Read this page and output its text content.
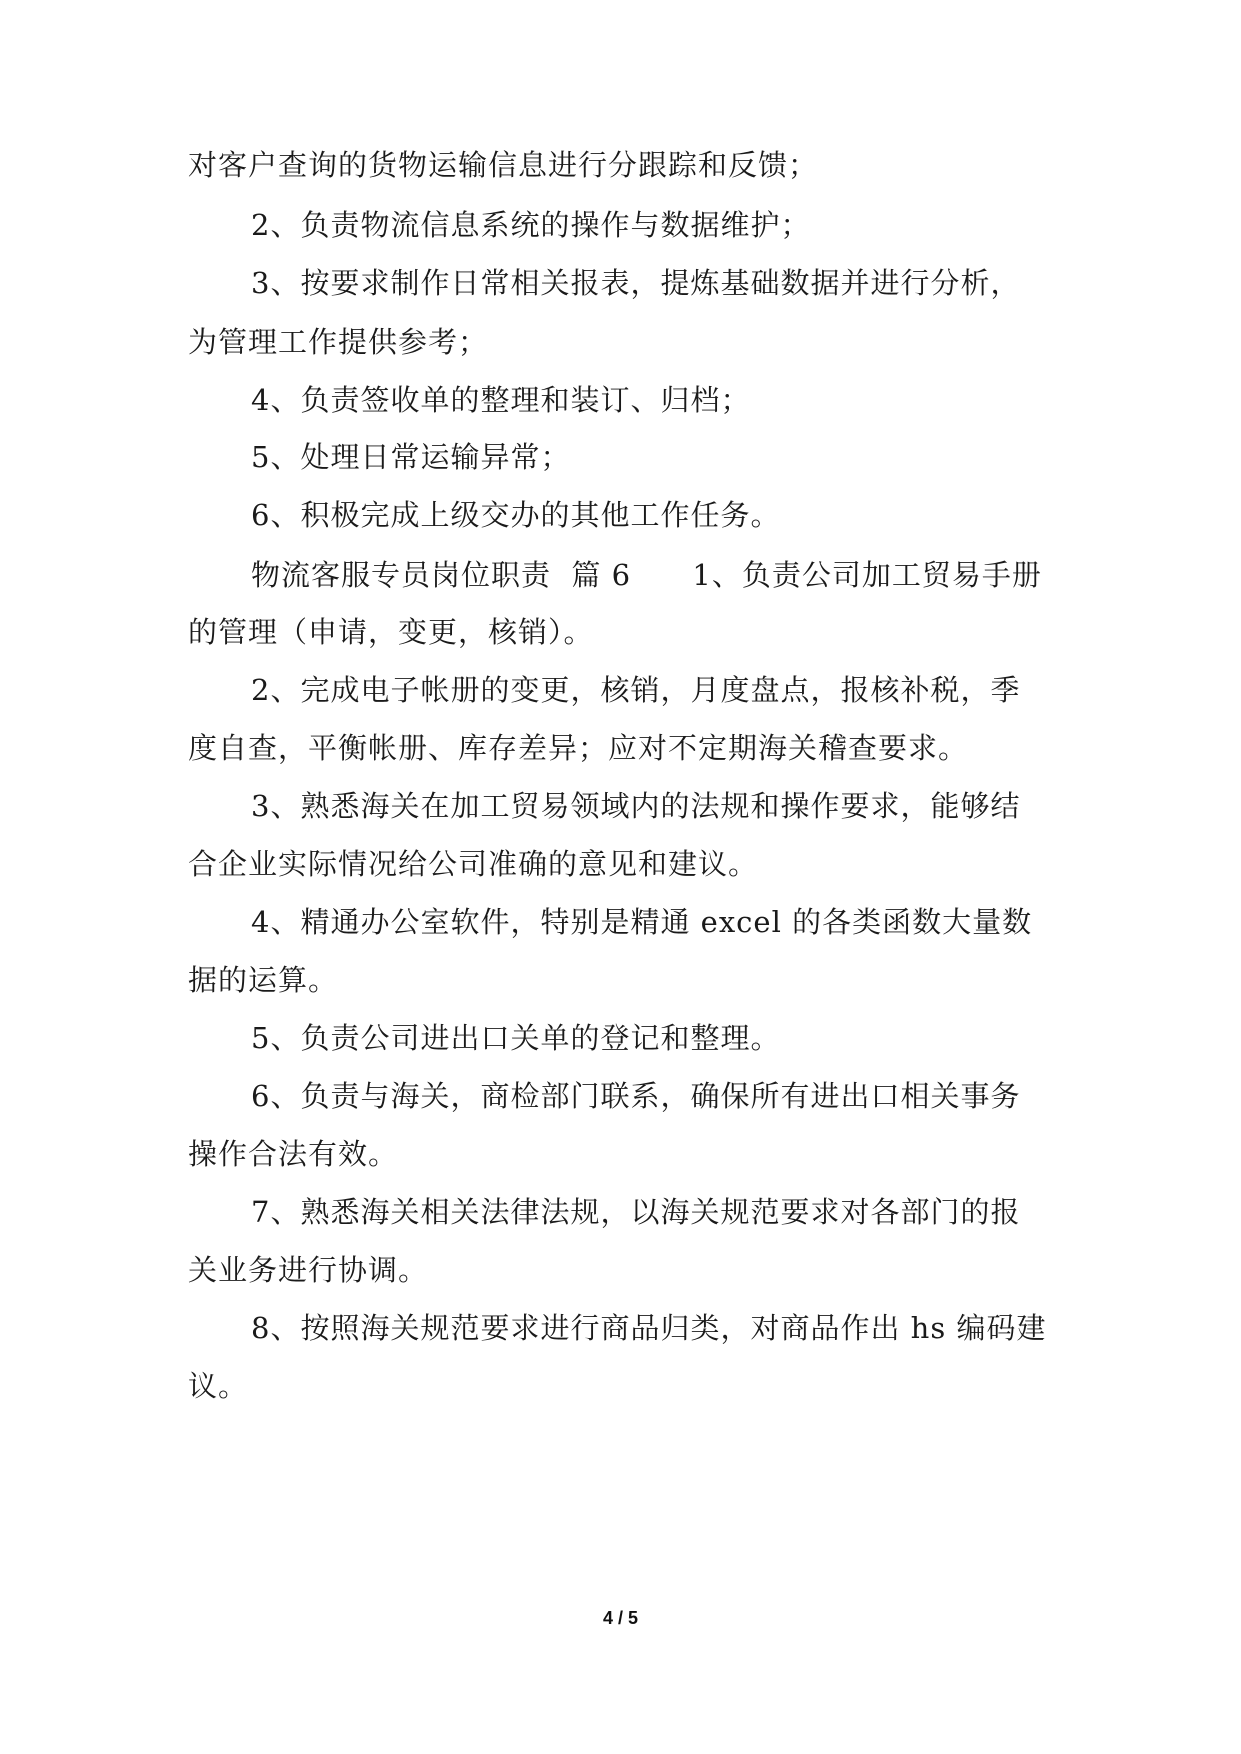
对客户查询的货物运输信息进行分跟踪和反馈；
2、负责物流信息系统的操作与数据维护；
3、按要求制作日常相关报表，提炼基础数据并进行分析，
为管理工作提供参考；
4、负责签收单的整理和装订、归档；
5、处理日常运输异常；
6、积极完成上级交办的其他工作任务。
物流客服专员岗位职责  篇 6      1、负责公司加工贸易手册
的管理（申请，变更，核销）。
2、完成电子帐册的变更，核销，月度盘点，报核补税，季
度自查，平衡帐册、库存差异；应对不定期海关稽查要求。
3、熟悉海关在加工贸易领域内的法规和操作要求，能够结
合企业实际情况给公司准确的意见和建议。
4、精通办公室软件，特别是精通 excel 的各类函数大量数
据的运算。
5、负责公司进出口关单的登记和整理。
6、负责与海关，商检部门联系，确保所有进出口相关事务
操作合法有效。
7、熟悉海关相关法律法规，以海关规范要求对各部门的报
关业务进行协调。
8、按照海关规范要求进行商品归类，对商品作出 hs 编码建
议。
4 / 5
